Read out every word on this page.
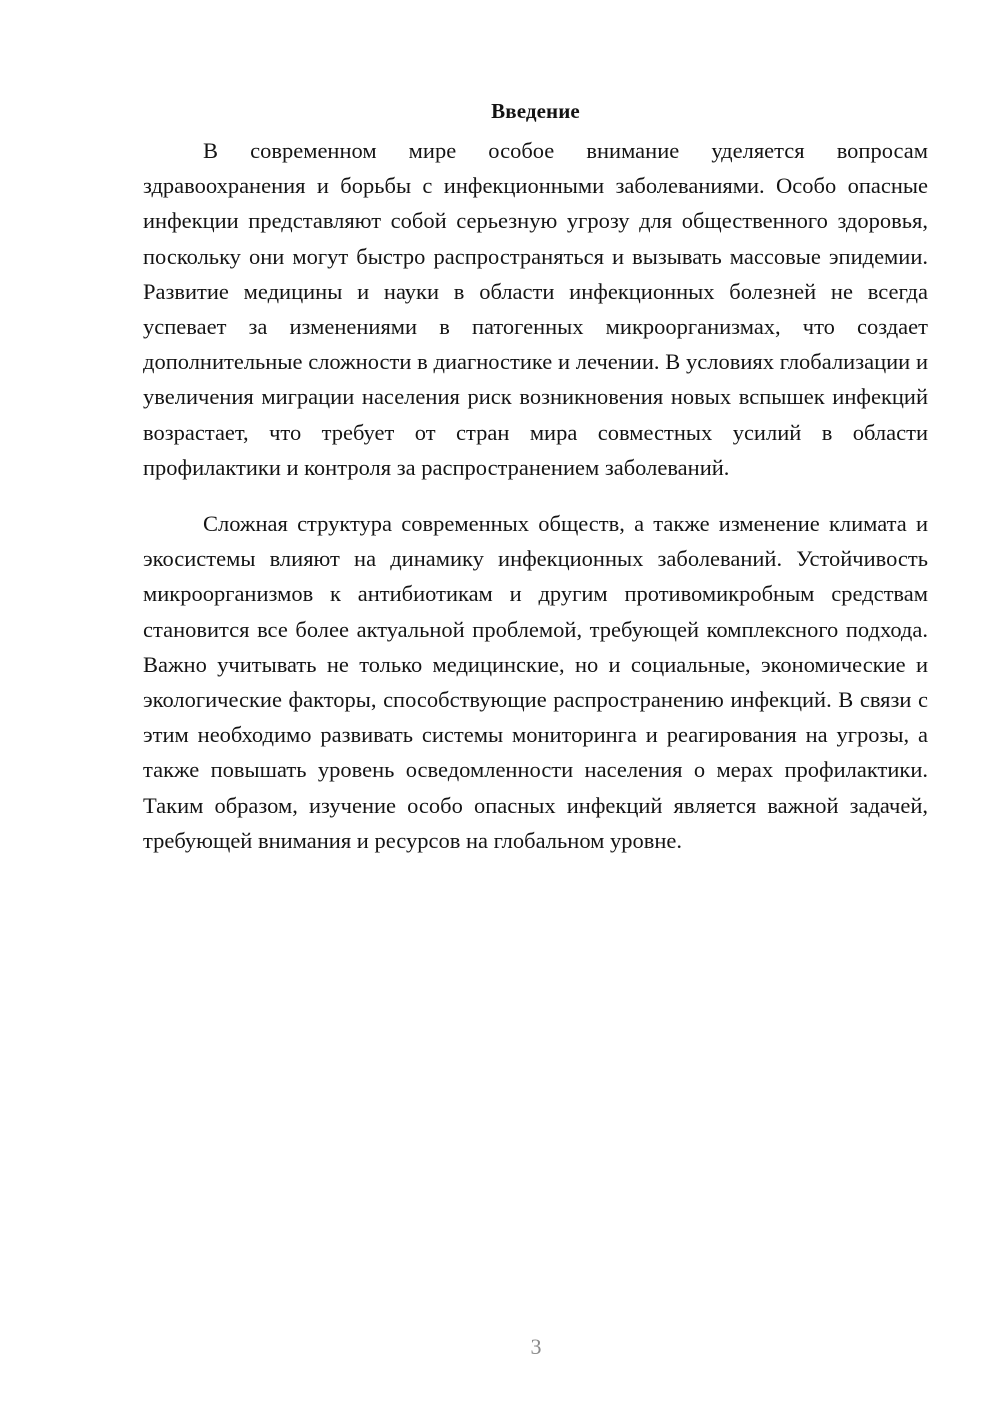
Введение

В современном мире особое внимание уделяется вопросам здравоохранения и борьбы с инфекционными заболеваниями. Особо опасные инфекции представляют собой серьезную угрозу для общественного здоровья, поскольку они могут быстро распространяться и вызывать массовые эпидемии. Развитие медицины и науки в области инфекционных болезней не всегда успевает за изменениями в патогенных микроорганизмах, что создает дополнительные сложности в диагностике и лечении. В условиях глобализации и увеличения миграции населения риск возникновения новых вспышек инфекций возрастает, что требует от стран мира совместных усилий в области профилактики и контроля за распространением заболеваний.

Сложная структура современных обществ, а также изменение климата и экосистемы влияют на динамику инфекционных заболеваний. Устойчивость микроорганизмов к антибиотикам и другим противомикробным средствам становится все более актуальной проблемой, требующей комплексного подхода. Важно учитывать не только медицинские, но и социальные, экономические и экологические факторы, способствующие распространению инфекций. В связи с этим необходимо развивать системы мониторинга и реагирования на угрозы, а также повышать уровень осведомленности населения о мерах профилактики. Таким образом, изучение особо опасных инфекций является важной задачей, требующей внимания и ресурсов на глобальном уровне.

3
